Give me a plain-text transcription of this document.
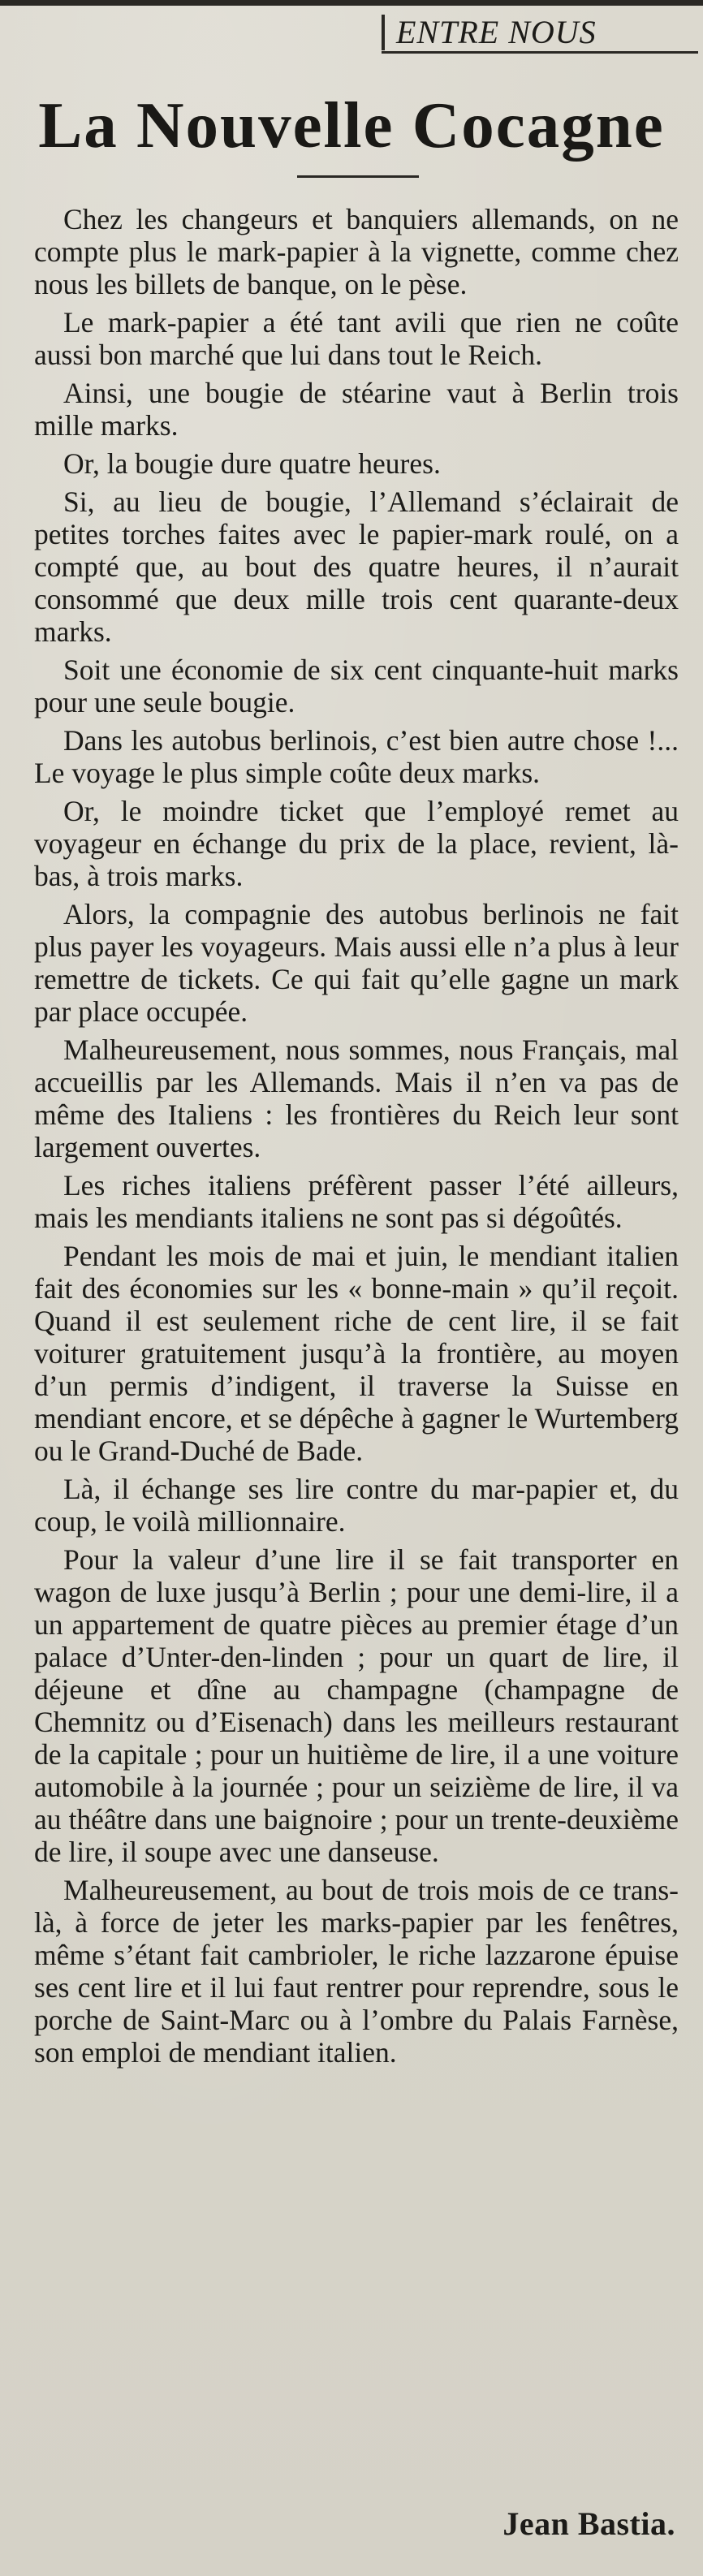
ENTRE NOUS
La Nouvelle Cocagne

Chez les changeurs et banquiers allemands, on ne compte plus le mark-papier à la vignette, comme chez nous les billets de banque, on le pèse.

Le mark-papier a été tant avili que rien ne coûte aussi bon marché que lui dans tout le Reich.

Ainsi, une bougie de stéarine vaut à Berlin trois mille marks.

Or, la bougie dure quatre heures.

Si, au lieu de bougie, l’Allemand s’éclairait de petites torches faites avec le papier-mark roulé, on a compté que, au bout des quatre heures, il n’aurait consommé que deux mille trois cent quarante-deux marks.

Soit une économie de six cent cinquante-huit marks pour une seule bougie.

Dans les autobus berlinois, c’est bien autre chose !... Le voyage le plus simple coûte deux marks.

Or, le moindre ticket que l’employé remet au voyageur en échange du prix de la place, revient, là-bas, à trois marks.

Alors, la compagnie des autobus berlinois ne fait plus payer les voyageurs. Mais aussi elle n’a plus à leur remettre de tickets. Ce qui fait qu’elle gagne un mark par place occupée.

Malheureusement, nous sommes, nous Français, mal accueillis par les Allemands. Mais il n’en va pas de même des Italiens : les frontières du Reich leur sont largement ouvertes.

Les riches italiens préfèrent passer l’été ailleurs, mais les mendiants italiens ne sont pas si dégoûtés.

Pendant les mois de mai et juin, le mendiant italien fait des économies sur les « bonne-main » qu’il reçoit. Quand il est seulement riche de cent lire, il se fait voiturer gratuitement jusqu’à la frontière, au moyen d’un permis d’indigent, il traverse la Suisse en mendiant encore, et se dépêche à gagner le Wurtemberg ou le Grand-Duché de Bade.

Là, il échange ses lire contre du mar-papier et, du coup, le voilà millionnaire.

Pour la valeur d’une lire il se fait transporter en wagon de luxe jusqu’à Berlin ; pour une demi-lire, il a un appartement de quatre pièces au premier étage d’un palace d’Unter-den-linden ; pour un quart de lire, il déjeune et dîne au champagne (champagne de Chemnitz ou d’Eisenach) dans les meilleurs restaurant de la capitale ; pour un huitième de lire, il a une voiture automobile à la journée ; pour un seizième de lire, il va au théâtre dans une baignoire ; pour un trente-deuxième de lire, il soupe avec une danseuse.

Malheureusement, au bout de trois mois de ce trans-là, à force de jeter les marks-papier par les fenêtres, même s’étant fait cambrioler, le riche lazzarone épuise ses cent lire et il lui faut rentrer pour reprendre, sous le porche de Saint-Marc ou à l’ombre du Palais Farnèse, son emploi de mendiant italien.

Jean Bastia.
